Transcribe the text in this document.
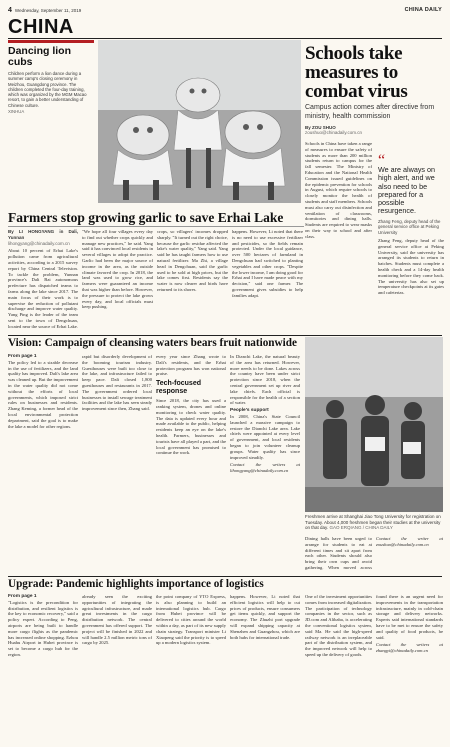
4 Wednesday, September 11, 2019	CHINA DAILY
CHINA
Dancing lion cubs
Children perform a lion dance during a summer camp's closing ceremony in Meizhou, Guangdong province. The children completed the four-day training, which was organized by the MGM Macao resort, to gain a better understanding of Chinese culture.
XINHUA
Schools take measures to combat virus
Campus action comes after directive from ministry, health commission
By ZOU SHUO
zoushuo@chinadaily.com.cn
Schools in China have taken a range of measures to ensure the safety of students as more than 200 million students return to campus for the fall semester. The Ministry of Education and the National Health Commission issued guidelines on the epidemic prevention for schools in August, which require schools to closely monitor the health of students and staff members. Schools must also carry out disinfection and ventilation of classrooms, dormitories and dining halls. Students are required to wear masks on their way to school and after class.
“
We are always on high alert, and we also need to be prepared for a possible resurgence.
Zhang Feng, deputy head of the general service office at Peking University
Zhang Feng, deputy head of the general service office at Peking University, said the university has arranged its students to return in batches. Students must complete a health check and a 14-day health monitoring before they come back. The university has also set up temperature checkpoints at its gates and cafeterias.
Farmers stop growing garlic to save Erhai Lake
By LI HONGYANG in Dali, Yunnan
lihongyang@chinadaily.com.cn
About 10 percent of Erhai Lake's pollution came from agricultural activities, according to a 2015 survey report by China Central Television. To tackle the problem, Yunnan province's Dali Bai autonomous prefecture has dispatched teams to farms along the lake since 2017. The main focus of their work is to supervise the reduction of pollutant discharge and improve water quality. Yang Ping is the leader of the team sent to the town of Dengchuan, located near the source of Erhai Lake.
"We hope all four villages every day to find out whether crops quickly and manage new practices," he said. Yang said it has convinced local residents in several villages to adopt the practice. Garlic had been the major source of income in the area, as the outside climate favored the crop. In 2018, the land was used to grow rice, and farmers were guaranteed an income that was higher than before. However, the pressure to protect the lake grows every day, and local officials must keep pushing.
crops, so villagers' incomes dropped sharply. "It turned out the right choice, because the garlic residue affected the lake's water quality," Yang said. Yang said he has taught farmers how to use natural fertilizer. Ma Zhi, a village head in Dengchuan, said the garlic used to be sold at high prices, but the lake comes first. Residents say the water is now clearer and birds have returned to its shores.
happens. However, Li noted that there is no need to use excessive fertilizer and pesticides, so the fields remain protected. Under the local guidance, over 500 hectares of farmland in Dengchuan had switched to planting vegetables and other crops. "Despite the lower income, I am doing good for Erhai and I have made peace with my decision," said one farmer. The government gives subsidies to help families adapt.
Vision: Campaign of cleansing waters bears fruit nationwide
From page 1
The policy led to a sizable decrease in the use of fertilizers, and the land quality has improved. Dali's lake area was cleaned up. But the improvement in the water quality did not come without the efforts of local governments, which imposed strict rules on businesses and residents. Zhang Keming, a former head of the local environmental protection department, said the goal is to make the lake a model for other regions.
rapid but disorderly development of the booming tourism industry. Guesthouses were built too close to the lake, and infrastructure failed to keep pace. Dali closed 1,800 guesthouses and restaurants in 2017. The government ordered local businesses to install sewage treatment facilities and the lake has seen steady improvement since then, Zhang said.
every year since Zhang wrote to Dali's residents, and the Erhai protection program has won national praise.
Tech-focused response
Since 2018, the city has used a ranking system, drones and online monitoring to check water quality. The data is updated every hour and made available to the public, helping residents keep an eye on the lake's health. Farmers, businesses and tourists have all played a part, and the local government has promised to continue the work.
In Dianchi Lake, the natural beauty of the area has returned. However, more needs to be done. Lakes across the country have been under strict protection since 2018, when the central government set up river and lake chiefs. Each official is responsible for the health of a section of water.
People's support
In 2008, China's State Council launched a massive campaign to restore the Dianchi Lake area. Lake chiefs were appointed at every level of government, and local residents began to join volunteer cleanup groups. Water quality has since improved steadily.
Contact the writers at lihongyang@chinadaily.com.cn
Freshmen arrive at Shanghai Jiao Tong University for registration on Tuesday. About 4,000 freshmen began their studies at the university on that day. GAO ERQIANG / CHINA DAILY
Dining halls have been urged to arrange for students to eat at different times and sit apart from each other. Students should also bring their own cups and avoid gathering. When moved across
Contact the writer at zoushuo@chinadaily.com.cn
Upgrade: Pandemic highlights importance of logistics
From page 1
"Logistics is the precondition for distribution, and resilient logistics is the key to economic recovery," said a policy expert. According to Peng, airports are being built to handle more cargo flights as the pandemic has increased online shopping. Ezhou Huahu Airport in Hubei province is set to become a cargo hub for the region.
already seen the exciting opportunities of integrating the agricultural infrastructure, and made great investments in the cargo distribution network. The central government has offered support. The project will be finished in 2022 and will handle 2.5 million metric tons of cargo by 2025.
the point company of YTO Express, is also planning to build an international logistics hub. Cargo from Hubei province will be delivered to cities around the world within a day, as part of its new supply chain strategy. Transport minister Li Xiaopeng said the priority is to speed up a modern logistics system.
happens. However, Li noted that efficient logistics will help to cut prices of products, ensure consumers get items quickly, and support the economy. The Zhuzhi port upgrade will expand shipping capacity at Shenzhen and Guangzhou, which are both hubs for international trade.
One of the investment opportunities comes from increased digitalization. The participation of technology companies in the sector, such as JD.com and Alibaba, is accelerating the conventional logistics system, said Ma. He said the high-speed railway network is an irreplaceable part of the distribution system, and the improved network will help to speed up the delivery of goods.
found there is an urgent need for improvements in the transportation infrastructure, mainly in cold-chain storage and delivery networks. Experts said international standards have to be met to ensure the safety and quality of food products, he said.
Contact the writers at zhangyi@chinadaily.com.cn
